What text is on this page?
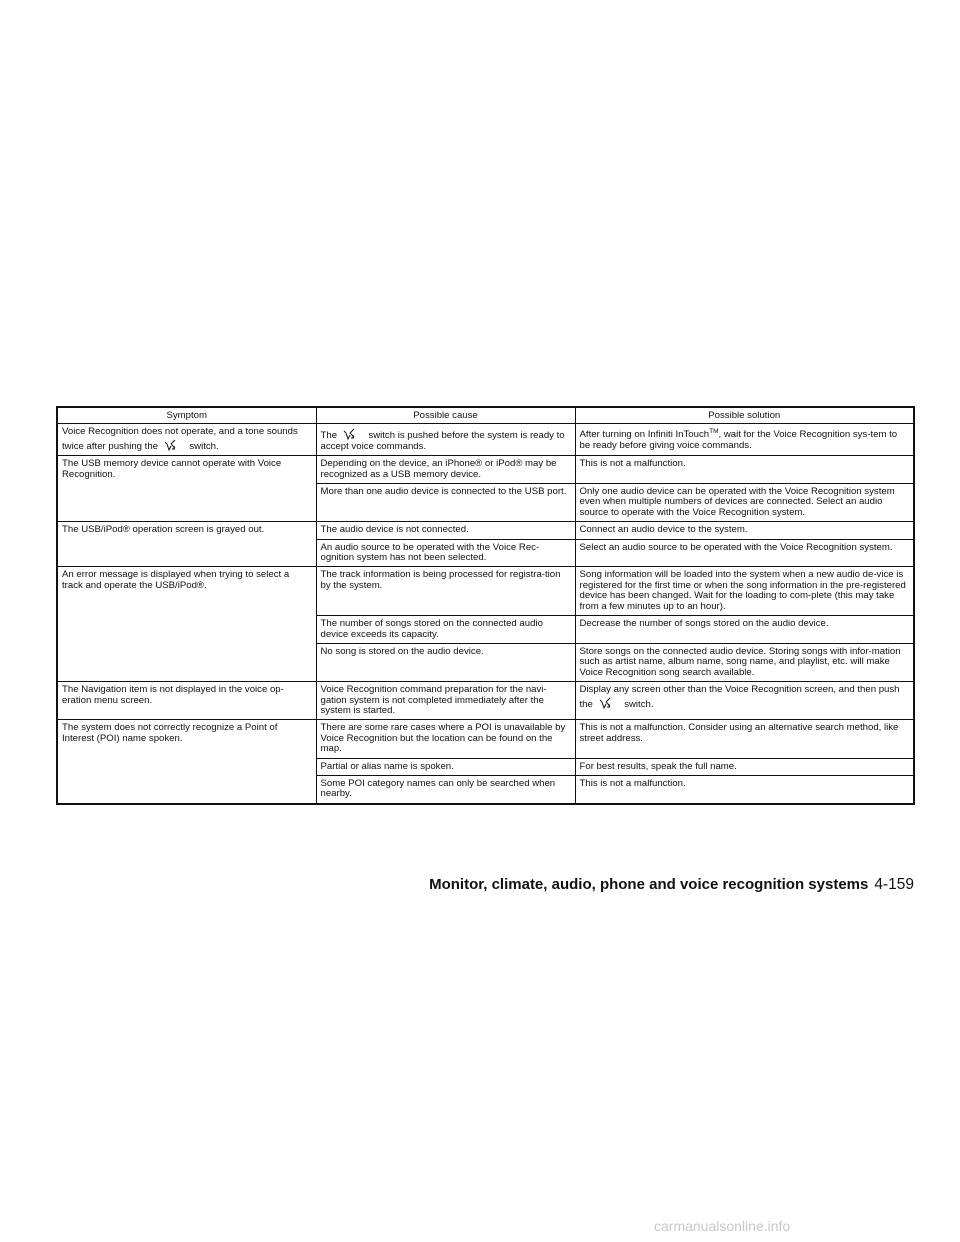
Symptom	Possible cause	Possible solution
Voice Recognition does not operate, and a tone sounds twice after pushing the switch.	The switch is pushed before the system is ready to accept voice commands.	After turning on Infiniti InTouch™, wait for the Voice Recognition sys-tem to be ready before giving voice commands.
The USB memory device cannot operate with Voice Recognition.	Depending on the device, an iPhone® or iPod® may be recognized as a USB memory device.	This is not a malfunction.
	More than one audio device is connected to the USB port.	Only one audio device can be operated with the Voice Recognition system even when multiple numbers of devices are connected. Select an audio source to operate with the Voice Recognition system.
The USB/iPod® operation screen is grayed out.	The audio device is not connected.	Connect an audio device to the system.
	An audio source to be operated with the Voice Rec-ognition system has not been selected.	Select an audio source to be operated with the Voice Recognition system.
An error message is displayed when trying to select a track and operate the USB/iPod®.	The track information is being processed for registra-tion by the system.	Song information will be loaded into the system when a new audio de-vice is registered for the first time or when the song information in the pre-registered device has been changed. Wait for the loading to com-plete (this may take from a few minutes up to an hour).
	The number of songs stored on the connected audio device exceeds its capacity.	Decrease the number of songs stored on the audio device.
	No song is stored on the audio device.	Store songs on the connected audio device. Storing songs with infor-mation such as artist name, album name, song name, and playlist, etc. will make Voice Recognition song search available.
The Navigation item is not displayed in the voice op-eration menu screen.	Voice Recognition command preparation for the navi-gation system is not completed immediately after the system is started.	Display any screen other than the Voice Recognition screen, and then push the switch.
The system does not correctly recognize a Point of Interest (POI) name spoken.	There are some rare cases where a POI is unavailable by Voice Recognition but the location can be found on the map.	This is not a malfunction. Consider using an alternative search method, like street address.
	Partial or alias name is spoken.	For best results, speak the full name.
	Some POI category names can only be searched when nearby.	This is not a malfunction.
Monitor, climate, audio, phone and voice recognition systems 4-159
carmanualsonline.info
